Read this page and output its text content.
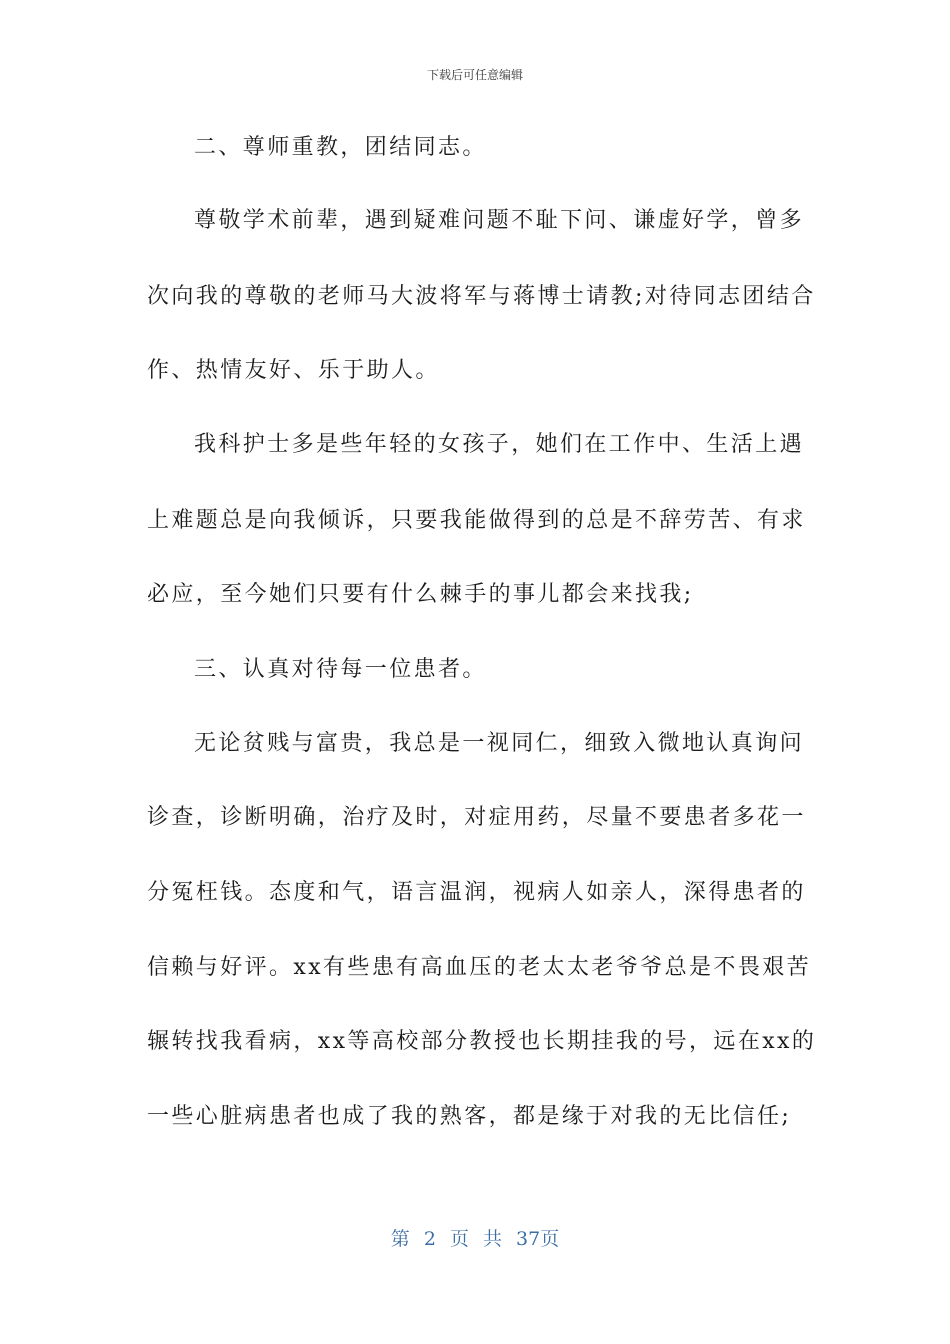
下载后可任意编辑
二、尊师重教，团结同志。
尊敬学术前辈，遇到疑难问题不耻下问、谦虚好学，曾多
次向我的尊敬的老师马大波将军与蒋博士请教;对待同志团结合
作、热情友好、乐于助人。
我科护士多是些年轻的女孩子，她们在工作中、生活上遇
上难题总是向我倾诉，只要我能做得到的总是不辞劳苦、有求
必应，至今她们只要有什么棘手的事儿都会来找我;
三、认真对待每一位患者。
无论贫贱与富贵，我总是一视同仁，细致入微地认真询问
诊查，诊断明确，治疗及时，对症用药，尽量不要患者多花一
分冤枉钱。态度和气，语言温润，视病人如亲人，深得患者的
信赖与好评。xx有些患有高血压的老太太老爷爷总是不畏艰苦
辗转找我看病，xx等高校部分教授也长期挂我的号，远在xx的
一些心脏病患者也成了我的熟客，都是缘于对我的无比信任;
第 2 页 共 37页
